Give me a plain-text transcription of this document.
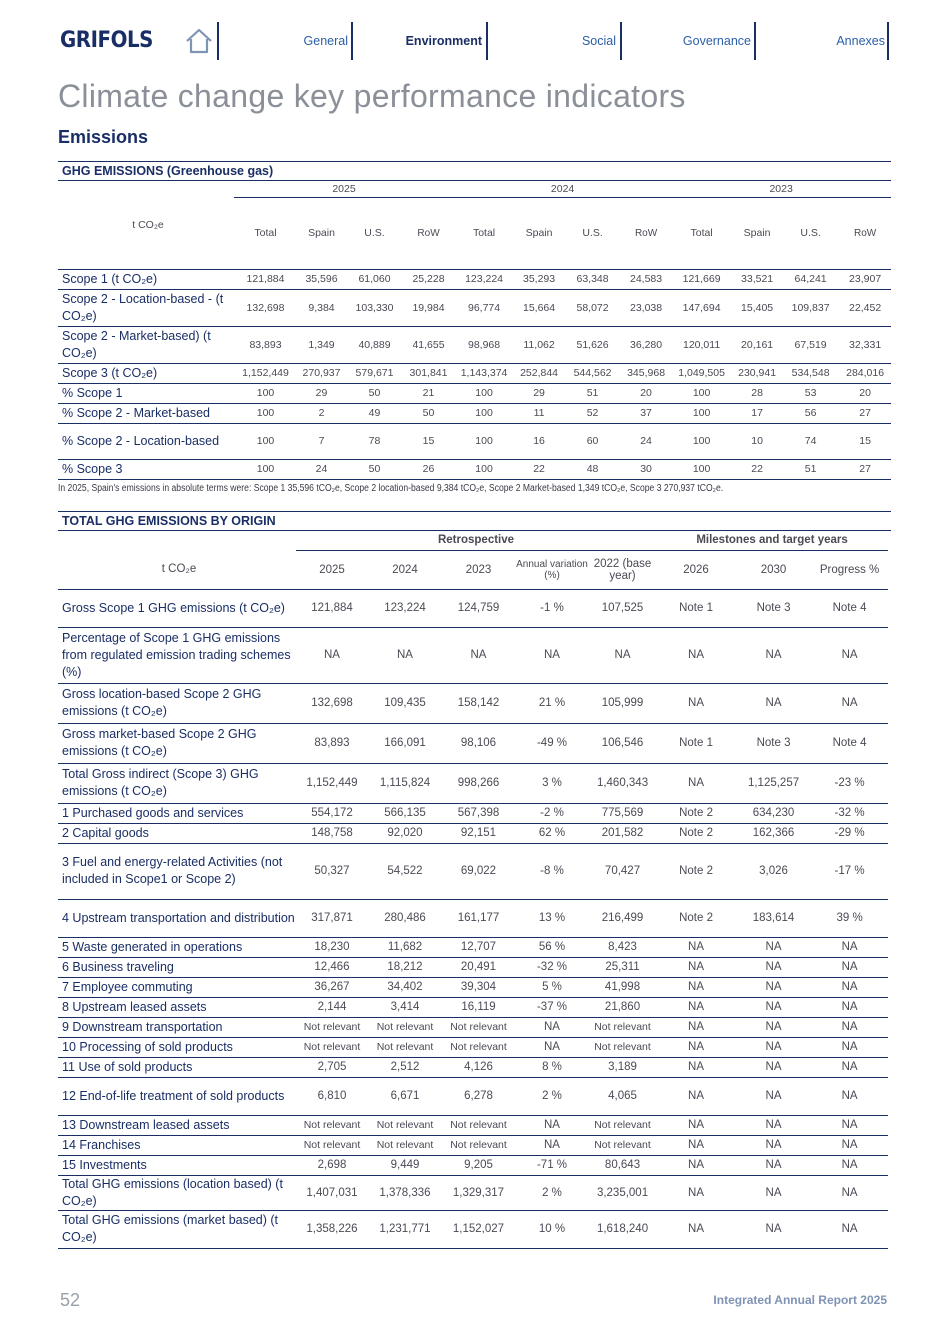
GRIFOLS	General	Environment	Social	Governance	Annexes
Climate change key performance indicators
Emissions
GHG EMISSIONS (Greenhouse gas)
t CO₂e	2025				2024				2023			
	Total	Spain	U.S.	RoW	Total	Spain	U.S.	RoW	Total	Spain	U.S.	RoW
Scope 1 (t CO₂e)	121,884	35,596	61,060	25,228	123,224	35,293	63,348	24,583	121,669	33,521	64,241	23,907
Scope 2 - Location-based - (t CO₂e)	132,698	9,384	103,330	19,984	96,774	15,664	58,072	23,038	147,694	15,405	109,837	22,452
Scope 2 - Market-based) (t CO₂e)	83,893	1,349	40,889	41,655	98,968	11,062	51,626	36,280	120,011	20,161	67,519	32,331
Scope 3 (t CO₂e)	1,152,449	270,937	579,671	301,841	1,143,374	252,844	544,562	345,968	1,049,505	230,941	534,548	284,016
% Scope 1	100	29	50	21	100	29	51	20	100	28	53	20
% Scope 2 - Market-based	100	2	49	50	100	11	52	37	100	17	56	27
% Scope 2 - Location-based	100	7	78	15	100	16	60	24	100	10	74	15
% Scope 3	100	24	50	26	100	22	48	30	100	22	51	27
In 2025, Spain's emissions in absolute terms were: Scope 1 35,596 tCO₂e, Scope 2 location-based 9,384 tCO₂e, Scope 2 Market-based 1,349 tCO₂e, Scope 3 270,937 tCO₂e.
TOTAL GHG EMISSIONS BY ORIGIN
	Retrospective					Milestones and target years		
t CO₂e	2025	2024	2023	Annual variation (%)	2022 (base year)	2026	2030	Progress %
Gross Scope 1 GHG emissions (t CO₂e)	121,884	123,224	124,759	-1 %	107,525	Note 1	Note 3	Note 4
Percentage of Scope 1 GHG emissions from regulated emission trading schemes (%)	NA	NA	NA	NA	NA	NA	NA	NA
Gross location-based Scope 2 GHG emissions (t CO₂e)	132,698	109,435	158,142	21 %	105,999	NA	NA	NA
Gross market-based Scope 2 GHG emissions (t CO₂e)	83,893	166,091	98,106	-49 %	106,546	Note 1	Note 3	Note 4
Total Gross indirect (Scope 3) GHG emissions (t CO₂e)	1,152,449	1,115,824	998,266	3 %	1,460,343	NA	1,125,257	-23 %
1 Purchased goods and services	554,172	566,135	567,398	-2 %	775,569	Note 2	634,230	-32 %
2 Capital goods	148,758	92,020	92,151	62 %	201,582	Note 2	162,366	-29 %
3 Fuel and energy-related Activities (not included in Scope1 or Scope 2)	50,327	54,522	69,022	-8 %	70,427	Note 2	3,026	-17 %
4 Upstream transportation and distribution	317,871	280,486	161,177	13 %	216,499	Note 2	183,614	39 %
5 Waste generated in operations	18,230	11,682	12,707	56 %	8,423	NA	NA	NA
6 Business traveling	12,466	18,212	20,491	-32 %	25,311	NA	NA	NA
7 Employee commuting	36,267	34,402	39,304	5 %	41,998	NA	NA	NA
8 Upstream leased assets	2,144	3,414	16,119	-37 %	21,860	NA	NA	NA
9 Downstream transportation	Not relevant	Not relevant	Not relevant	NA	Not relevant	NA	NA	NA
10 Processing of sold products	Not relevant	Not relevant	Not relevant	NA	Not relevant	NA	NA	NA
11 Use of sold products	2,705	2,512	4,126	8 %	3,189	NA	NA	NA
12 End-of-life treatment of sold products	6,810	6,671	6,278	2 %	4,065	NA	NA	NA
13 Downstream leased assets	Not relevant	Not relevant	Not relevant	NA	Not relevant	NA	NA	NA
14 Franchises	Not relevant	Not relevant	Not relevant	NA	Not relevant	NA	NA	NA
15 Investments	2,698	9,449	9,205	-71 %	80,643	NA	NA	NA
Total GHG emissions (location based) (t CO₂e)	1,407,031	1,378,336	1,329,317	2 %	3,235,001	NA	NA	NA
Total GHG emissions (market based) (t CO₂e)	1,358,226	1,231,771	1,152,027	10 %	1,618,240	NA	NA	NA
52	Integrated Annual Report 2025
